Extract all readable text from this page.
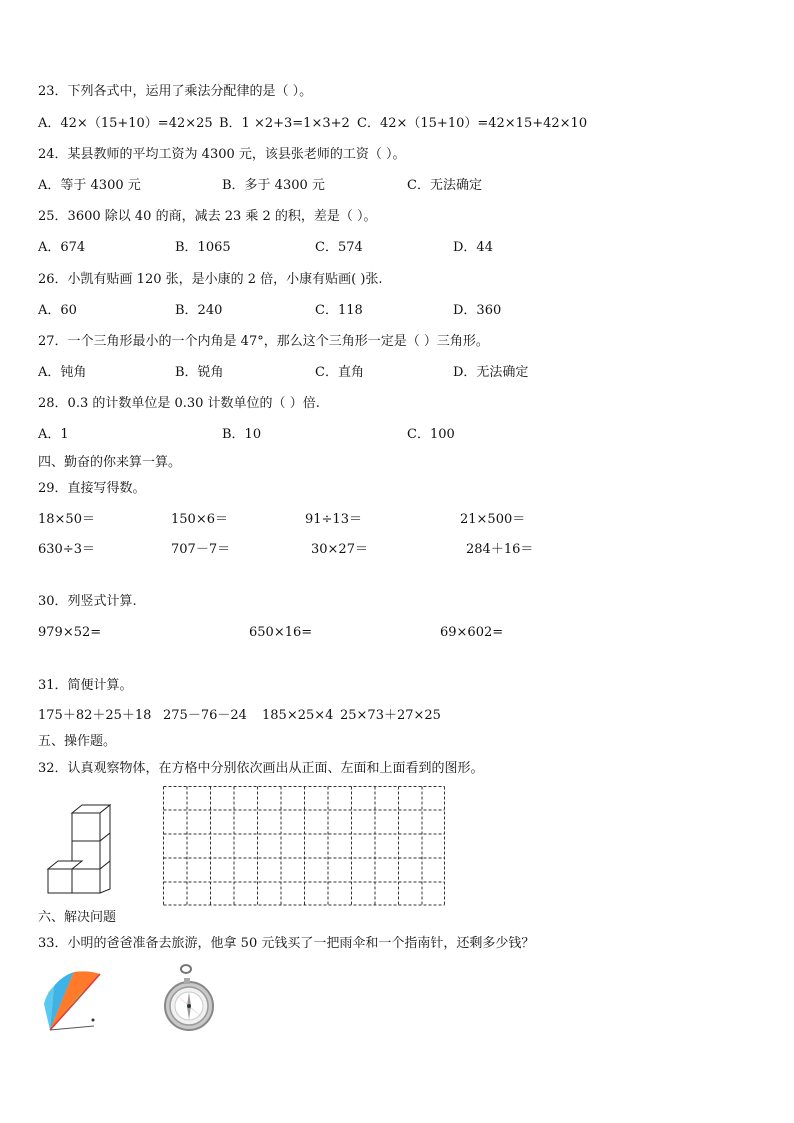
23．下列各式中，运用了乘法分配律的是（ ）。
A．42×（15+10）=42×25 B．1 ×2+3=1×3+2 C．42×（15+10）=42×15+42×10
24．某县教师的平均工资为 4300 元，该县张老师的工资（ ）。
A．等于 4300 元	B．多于 4300 元	C．无法确定
25．3600 除以 40 的商，减去 23 乘 2 的积，差是（ ）。
A．674	B．1065	C．574	D．44
26．小凯有贴画 120 张，是小康的 2 倍，小康有贴画( )张.
A．60	B．240	C．118	D．360
27．一个三角形最小的一个内角是 47°，那么这个三角形一定是（ ）三角形。
A．钝角	B．锐角	C．直角	D．无法确定
28．0.3 的计数单位是 0.30 计数单位的（ ）倍.
A．1	B．10	C．100
四、勤奋的你来算一算。
29．直接写得数。
18×50＝	150×6＝	91÷13＝	21×500＝
630÷3＝	707－7＝	30×27＝	284＋16＝
30．列竖式计算.
979×52=	650×16=	69×602=
31．简便计算。
175＋82＋25＋18 275－76－24 185×25×4 25×73＋27×25
五、操作题。
32．认真观察物体，在方格中分别依次画出从正面、左面和上面看到的图形。
六、解决问题
33．小明的爸爸准备去旅游，他拿 50 元钱买了一把雨伞和一个指南针，还剩多少钱？
